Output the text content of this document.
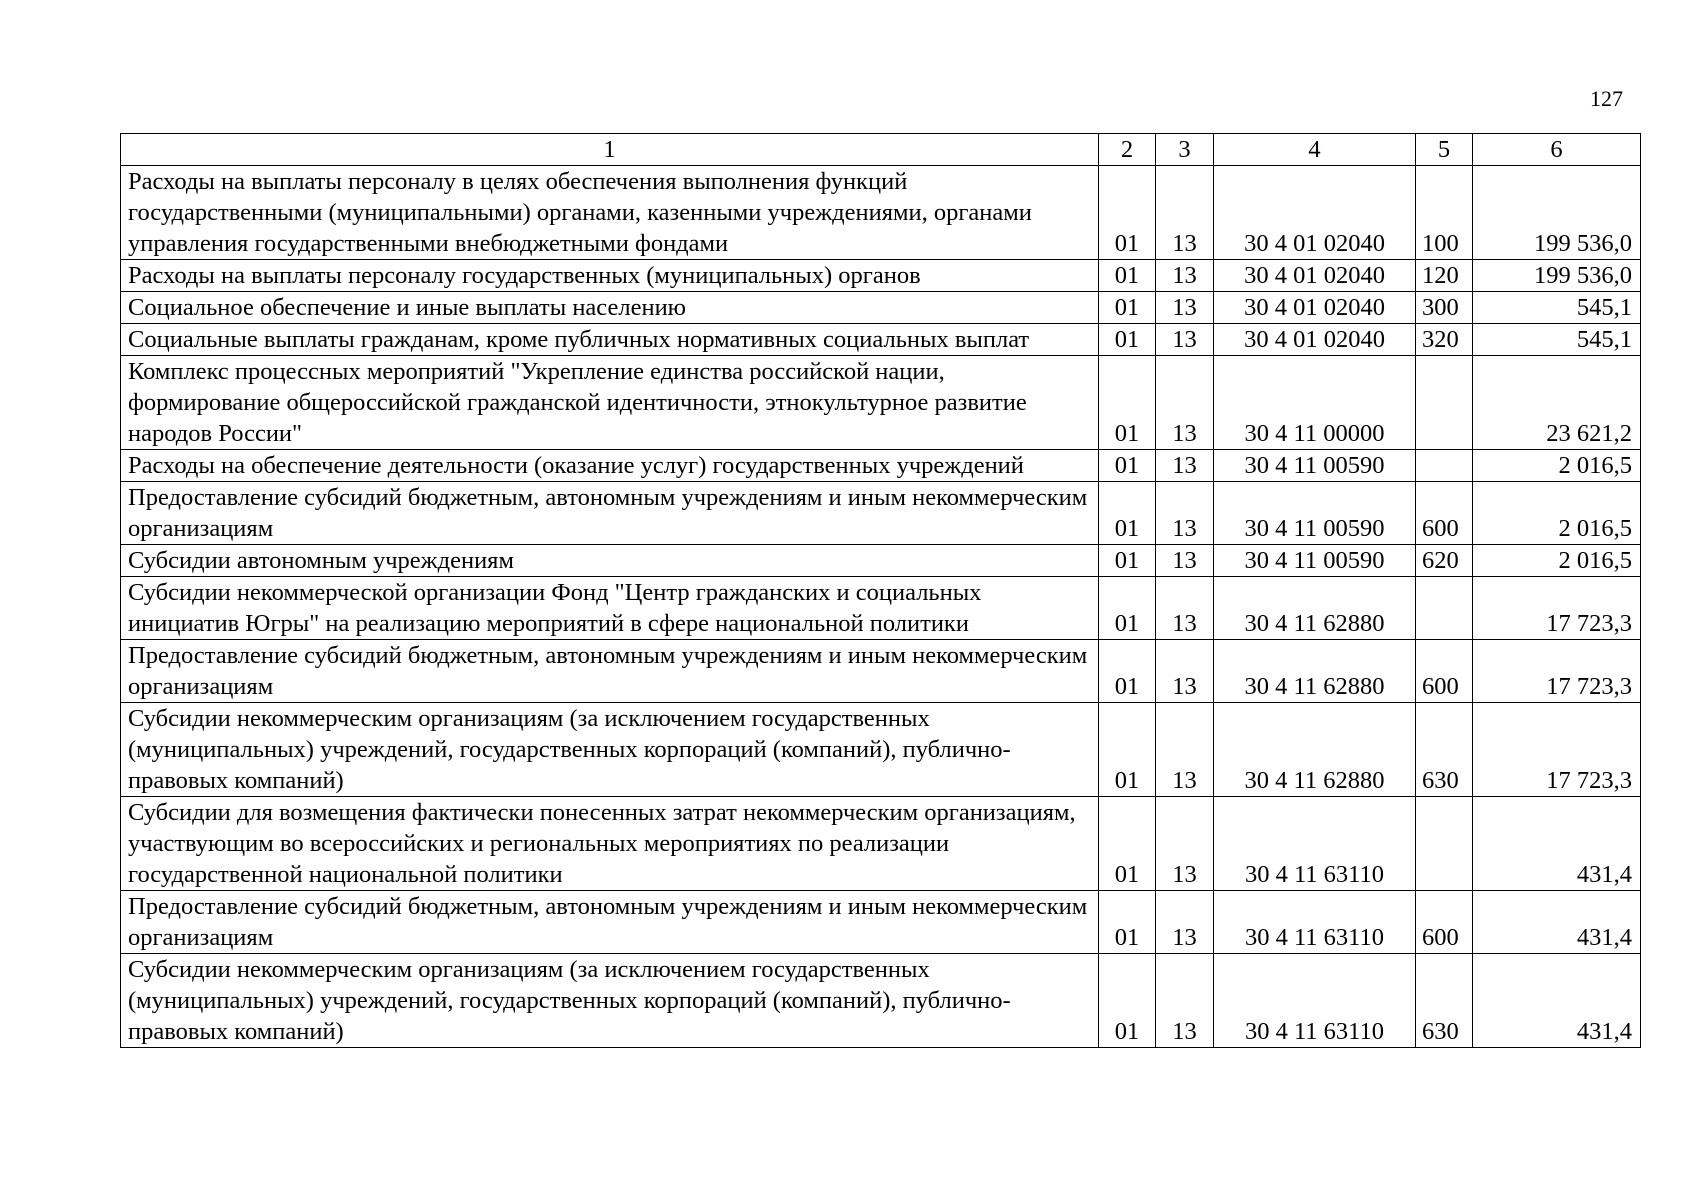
127
1	2	3	4	5	6
Расходы на выплаты персоналу в целях обеспечения выполнения функций государственными (муниципальными) органами, казенными учреждениями, органами управления государственными внебюджетными фондами	01	13	30 4 01 02040	100	199 536,0
Расходы на выплаты персоналу государственных (муниципальных) органов	01	13	30 4 01 02040	120	199 536,0
Социальное обеспечение и иные выплаты населению	01	13	30 4 01 02040	300	545,1
Социальные выплаты гражданам, кроме публичных нормативных социальных выплат	01	13	30 4 01 02040	320	545,1
Комплекс процессных мероприятий "Укрепление единства российской нации, формирование общероссийской гражданской идентичности, этнокультурное развитие народов России"	01	13	30 4 11 00000		23 621,2
Расходы на обеспечение деятельности (оказание услуг) государственных учреждений	01	13	30 4 11 00590		2 016,5
Предоставление субсидий бюджетным, автономным учреждениям и иным некоммерческим организациям	01	13	30 4 11 00590	600	2 016,5
Субсидии автономным учреждениям	01	13	30 4 11 00590	620	2 016,5
Субсидии некоммерческой организации Фонд "Центр гражданских и социальных инициатив Югры" на реализацию мероприятий в сфере национальной политики	01	13	30 4 11 62880		17 723,3
Предоставление субсидий бюджетным, автономным учреждениям и иным некоммерческим организациям	01	13	30 4 11 62880	600	17 723,3
Субсидии некоммерческим организациям (за исключением государственных (муниципальных) учреждений, государственных корпораций (компаний), публично-правовых компаний)	01	13	30 4 11 62880	630	17 723,3
Субсидии для возмещения фактически понесенных затрат некоммерческим организациям, участвующим во всероссийских и региональных мероприятиях по реализации государственной национальной политики	01	13	30 4 11 63110		431,4
Предоставление субсидий бюджетным, автономным учреждениям и иным некоммерческим организациям	01	13	30 4 11 63110	600	431,4
Субсидии некоммерческим организациям (за исключением государственных (муниципальных) учреждений, государственных корпораций (компаний), публично-правовых компаний)	01	13	30 4 11 63110	630	431,4
